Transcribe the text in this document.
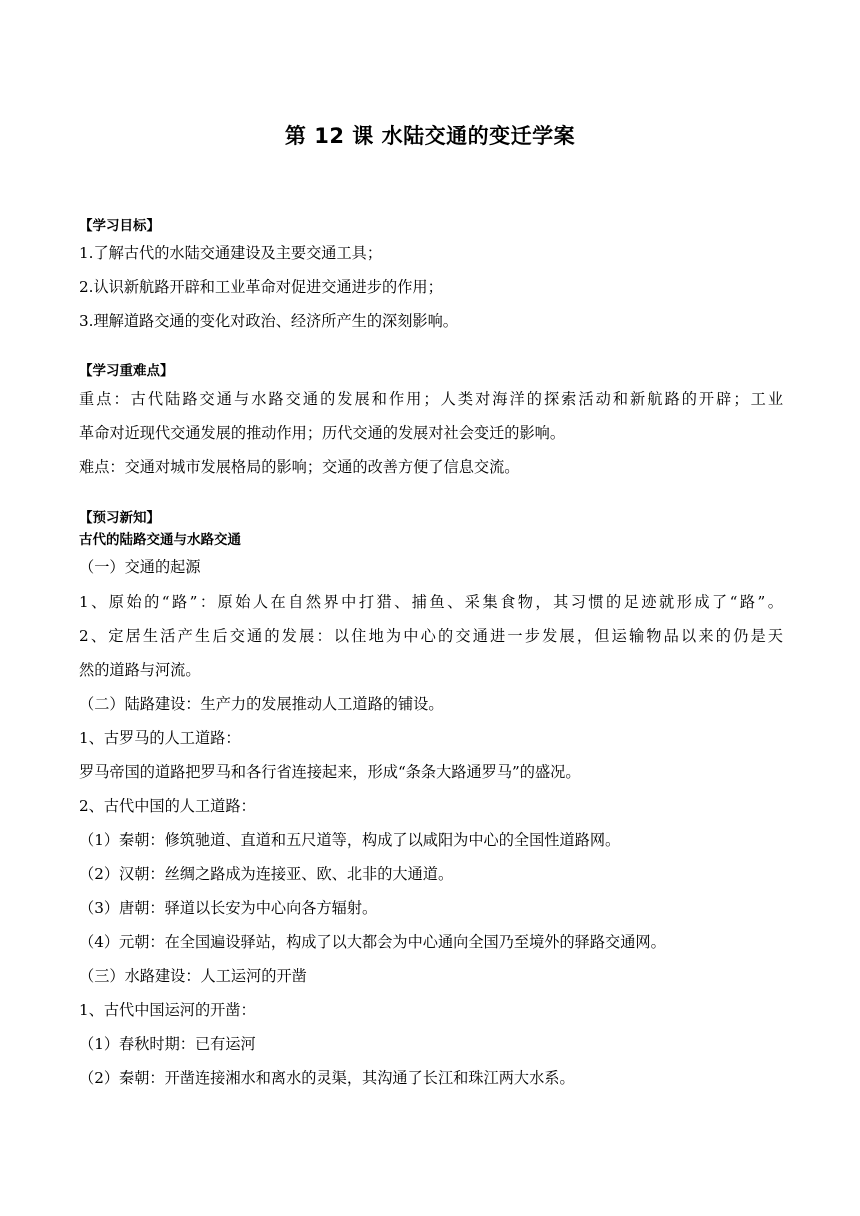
第 12 课 水陆交通的变迁学案
【学习目标】
1.了解古代的水陆交通建设及主要交通工具；
2.认识新航路开辟和工业革命对促进交通进步的作用；
3.理解道路交通的变化对政治、经济所产生的深刻影响。
【学习重难点】
重点：古代陆路交通与水路交通的发展和作用；人类对海洋的探索活动和新航路的开辟；工业
革命对近现代交通发展的推动作用；历代交通的发展对社会变迁的影响。
难点：交通对城市发展格局的影响；交通的改善方便了信息交流。
【预习新知】
古代的陆路交通与水路交通
（一）交通的起源
1、原始的“路”：原始人在自然界中打猎、捕鱼、采集食物，其习惯的足迹就形成了“路”。
2、定居生活产生后交通的发展：以住地为中心的交通进一步发展，但运输物品以来的仍是天
然的道路与河流。
（二）陆路建设：生产力的发展推动人工道路的铺设。
1、古罗马的人工道路：
罗马帝国的道路把罗马和各行省连接起来，形成“条条大路通罗马”的盛况。
2、古代中国的人工道路：
（1）秦朝：修筑驰道、直道和五尺道等，构成了以咸阳为中心的全国性道路网。
（2）汉朝：丝绸之路成为连接亚、欧、北非的大通道。
（3）唐朝：驿道以长安为中心向各方辐射。
（4）元朝：在全国遍设驿站，构成了以大都会为中心通向全国乃至境外的驿路交通网。
（三）水路建设：人工运河的开凿
1、古代中国运河的开凿：
（1）春秋时期：已有运河
（2）秦朝：开凿连接湘水和离水的灵渠，其沟通了长江和珠江两大水系。
